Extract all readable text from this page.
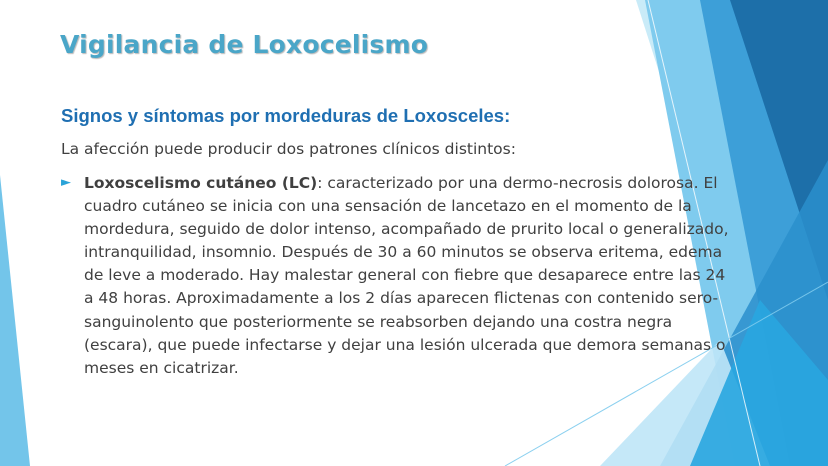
Vigilancia de Loxocelismo
Signos y síntomas por mordeduras de Loxosceles:

La afección puede producir dos patrones clínicos distintos:

► Loxoscelismo cutáneo (LC): caracterizado por una dermo-necrosis dolorosa. El cuadro cutáneo se inicia con una sensación de lancetazo en el momento de la mordedura, seguido de dolor intenso, acompañado de prurito local o generalizado, intranquilidad, insomnio. Después de 30 a 60 minutos se observa eritema, edema de leve a moderado. Hay malestar general con fiebre que desaparece entre las 24 a 48 horas. Aproximadamente a los 2 días aparecen flictenas con contenido sero-sanguinolento que posteriormente se reabsorben dejando una costra negra (escara), que puede infectarse y dejar una lesión ulcerada que demora semanas o meses en cicatrizar.
